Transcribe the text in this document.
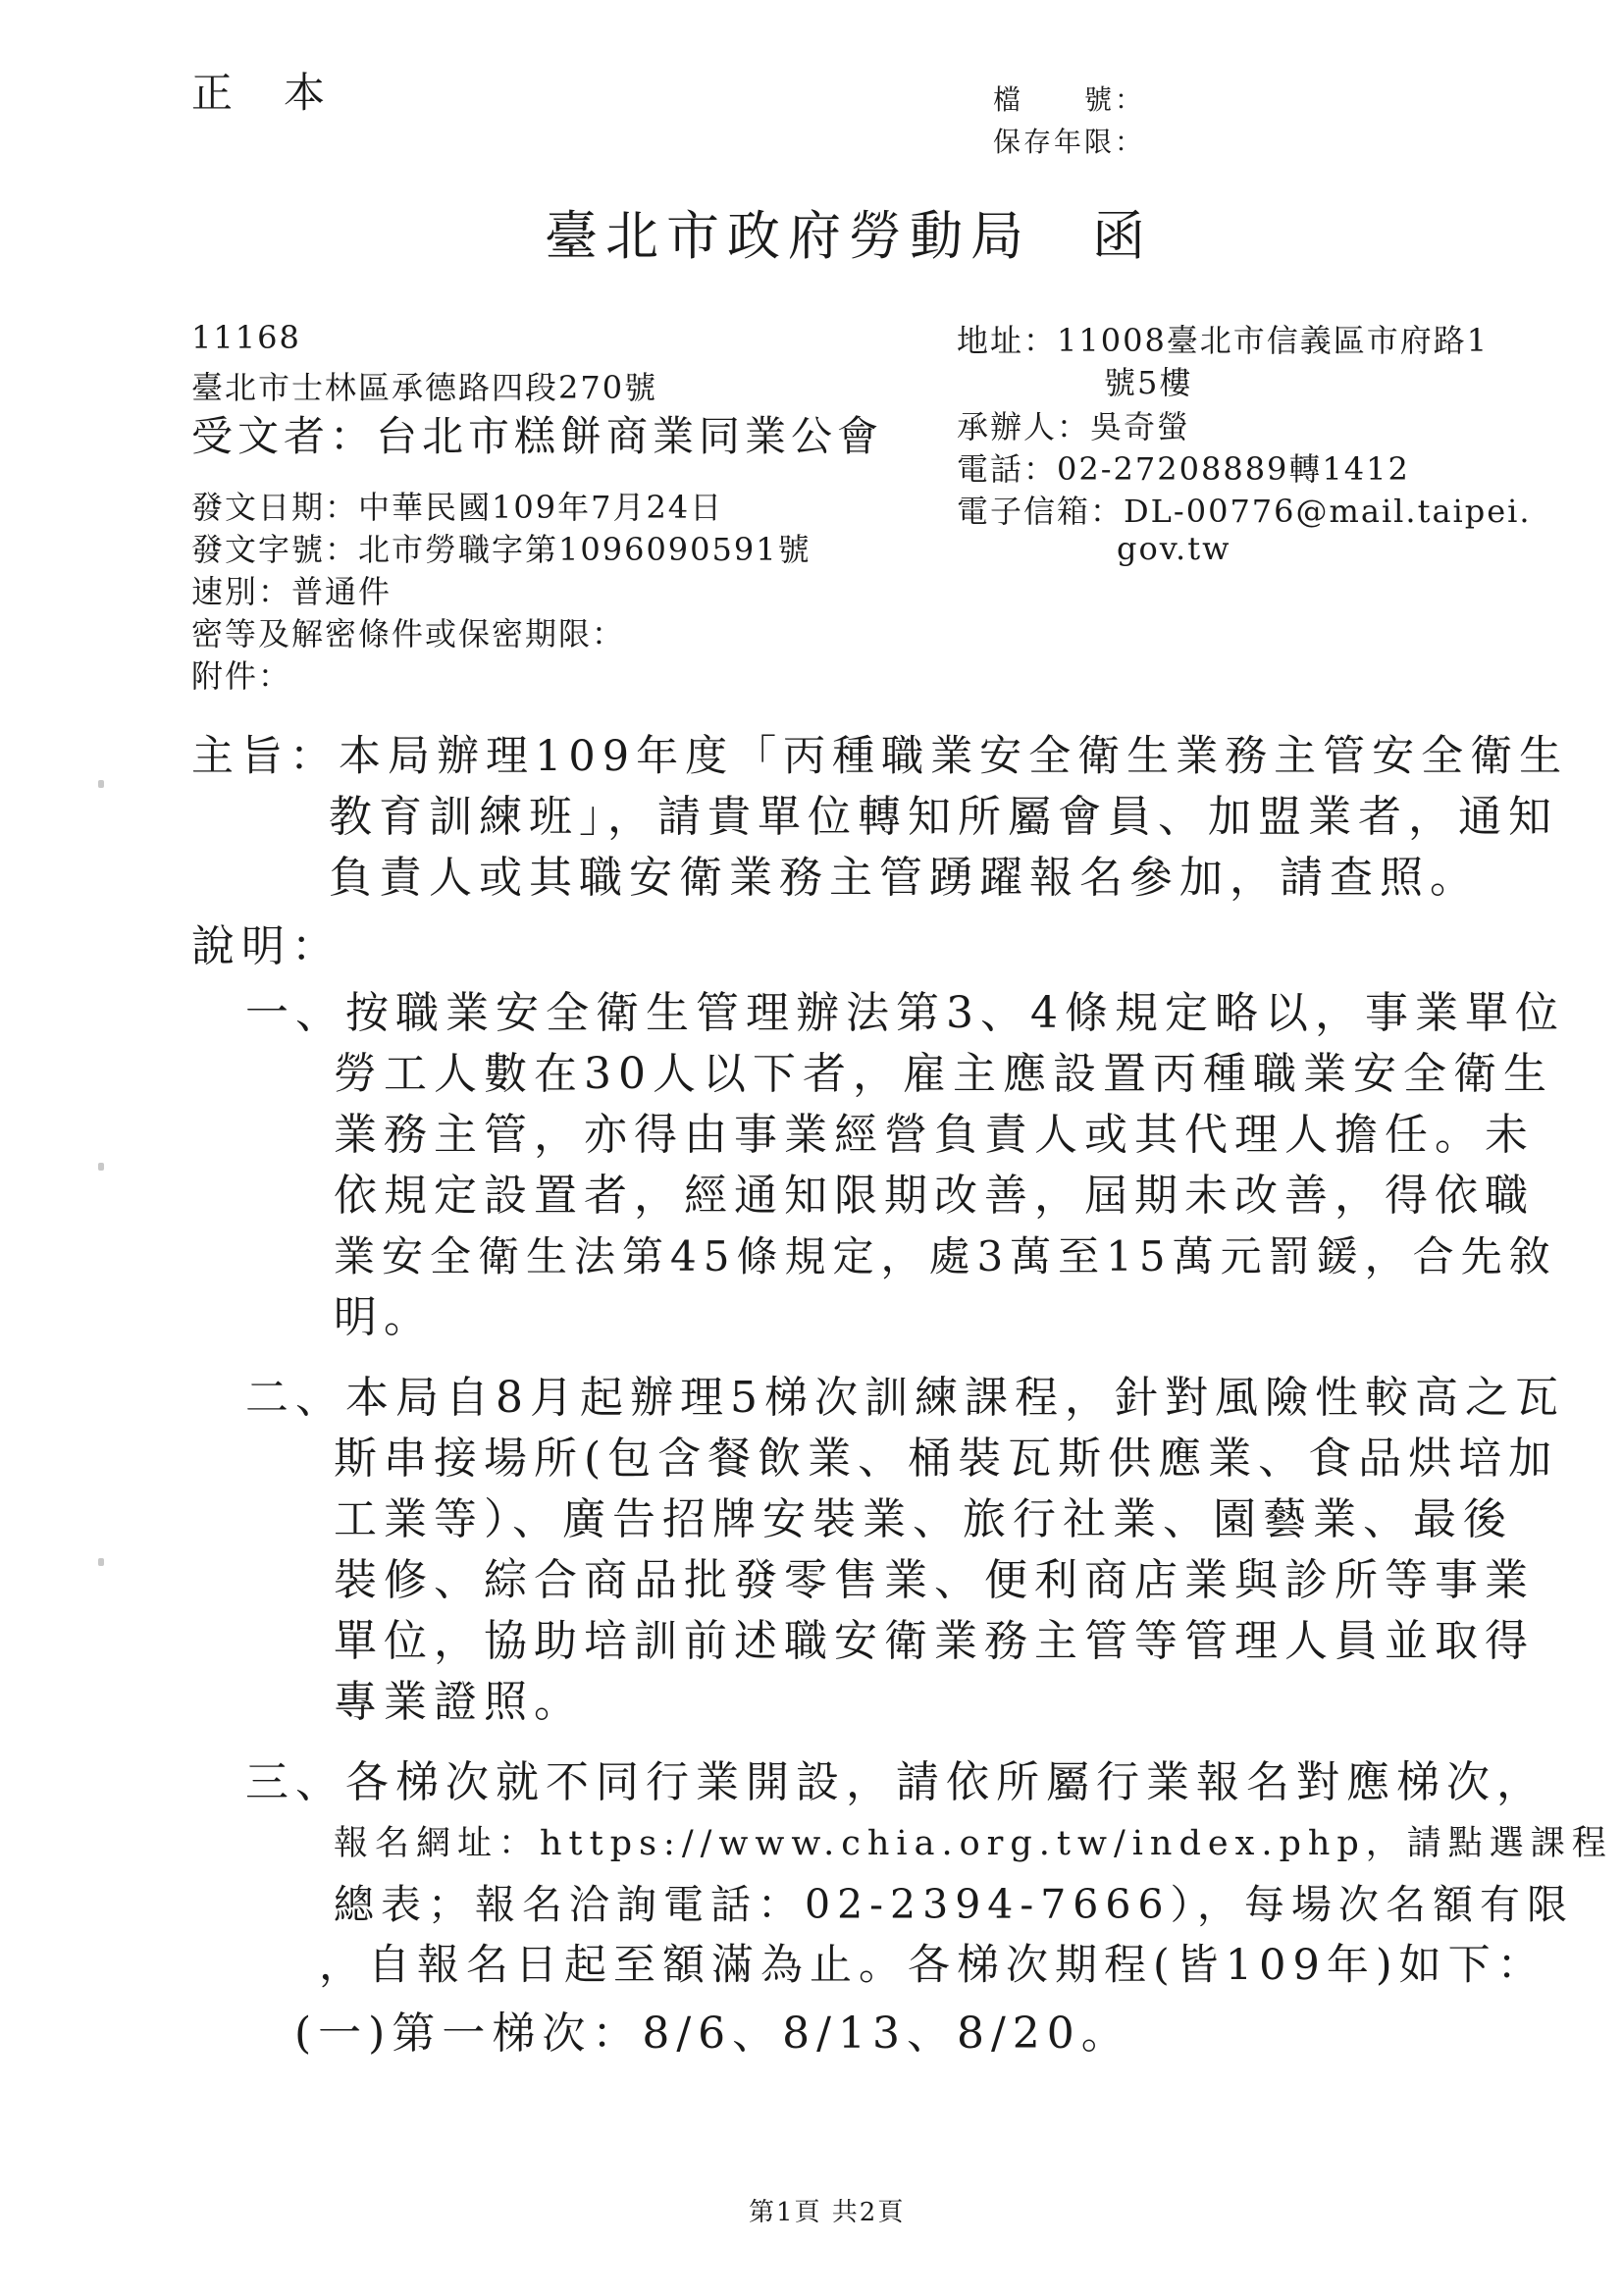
正　本	檔　　號：
保存年限：
臺北市政府勞動局　函
11168
臺北市士林區承德路四段270號
受文者：台北市糕餅商業同業公會
地址：11008臺北市信義區市府路1
號5樓
承辦人：吳奇螢
電話：02-27208889轉1412
電子信箱：DL-00776@mail.taipei.
gov.tw
發文日期：中華民國109年7月24日
發文字號：北市勞職字第1096090591號
速別：普通件
密等及解密條件或保密期限：
附件：
主旨：本局辦理109年度「丙種職業安全衛生業務主管安全衛生
教育訓練班」，請貴單位轉知所屬會員、加盟業者，通知
負責人或其職安衛業務主管踴躍報名參加，請查照。
說明：
一、按職業安全衛生管理辦法第3、4條規定略以，事業單位
勞工人數在30人以下者，雇主應設置丙種職業安全衛生
業務主管，亦得由事業經營負責人或其代理人擔任。未
依規定設置者，經通知限期改善，屆期未改善，得依職
業安全衛生法第45條規定，處3萬至15萬元罰鍰，合先敘
明。
二、本局自8月起辦理5梯次訓練課程，針對風險性較高之瓦
斯串接場所(包含餐飲業、桶裝瓦斯供應業、食品烘培加
工業等）、廣告招牌安裝業、旅行社業、園藝業、最後
裝修、綜合商品批發零售業、便利商店業與診所等事業
單位，協助培訓前述職安衛業務主管等管理人員並取得
專業證照。
三、各梯次就不同行業開設，請依所屬行業報名對應梯次，
報名網址：https://www.chia.org.tw/index.php，請點選課程
總表；報名洽詢電話：02-2394-7666），每場次名額有限
，自報名日起至額滿為止。各梯次期程(皆109年)如下：
(一)第一梯次：8/6、8/13、8/20。
第1頁 共2頁
